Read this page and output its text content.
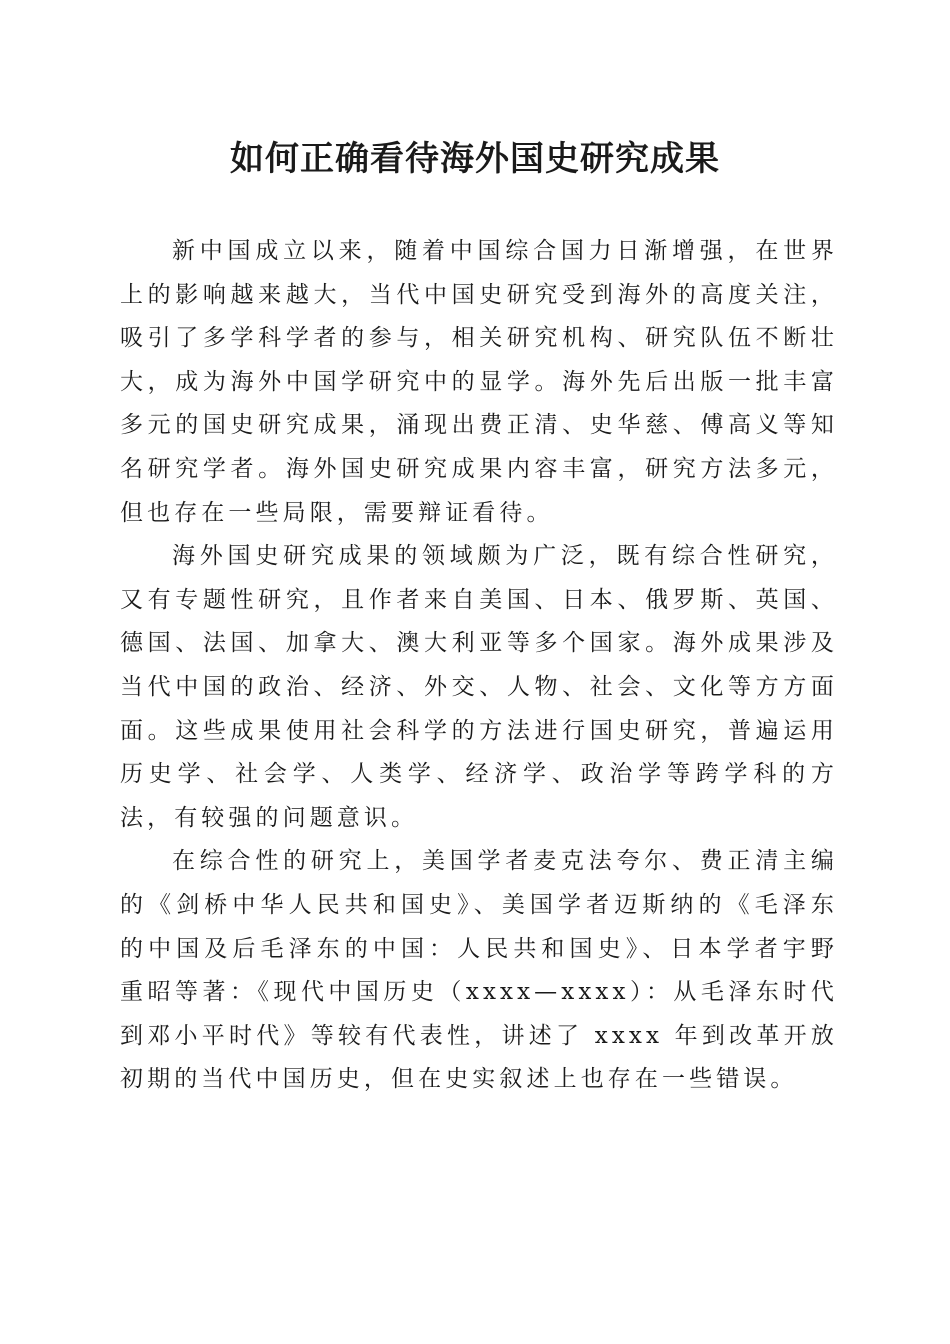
如何正确看待海外国史研究成果

新中国成立以来，随着中国综合国力日渐增强，在世界上的影响越来越大，当代中国史研究受到海外的高度关注，吸引了多学科学者的参与，相关研究机构、研究队伍不断壮大，成为海外中国学研究中的显学。海外先后出版一批丰富多元的国史研究成果，涌现出费正清、史华慈、傅高义等知名研究学者。海外国史研究成果内容丰富，研究方法多元，但也存在一些局限，需要辩证看待。

海外国史研究成果的领域颇为广泛，既有综合性研究，又有专题性研究，且作者来自美国、日本、俄罗斯、英国、德国、法国、加拿大、澳大利亚等多个国家。海外成果涉及当代中国的政治、经济、外交、人物、社会、文化等方方面面。这些成果使用社会科学的方法进行国史研究，普遍运用历史学、社会学、人类学、经济学、政治学等跨学科的方法，有较强的问题意识。

在综合性的研究上，美国学者麦克法夸尔、费正清主编的《剑桥中华人民共和国史》、美国学者迈斯纳的《毛泽东的中国及后毛泽东的中国：人民共和国史》、日本学者宇野重昭等著：《现代中国历史（xxxx—xxxx）：从毛泽东时代到邓小平时代》等较有代表性，讲述了 xxxx 年到改革开放初期的当代中国历史，但在史实叙述上也存在一些错误。
